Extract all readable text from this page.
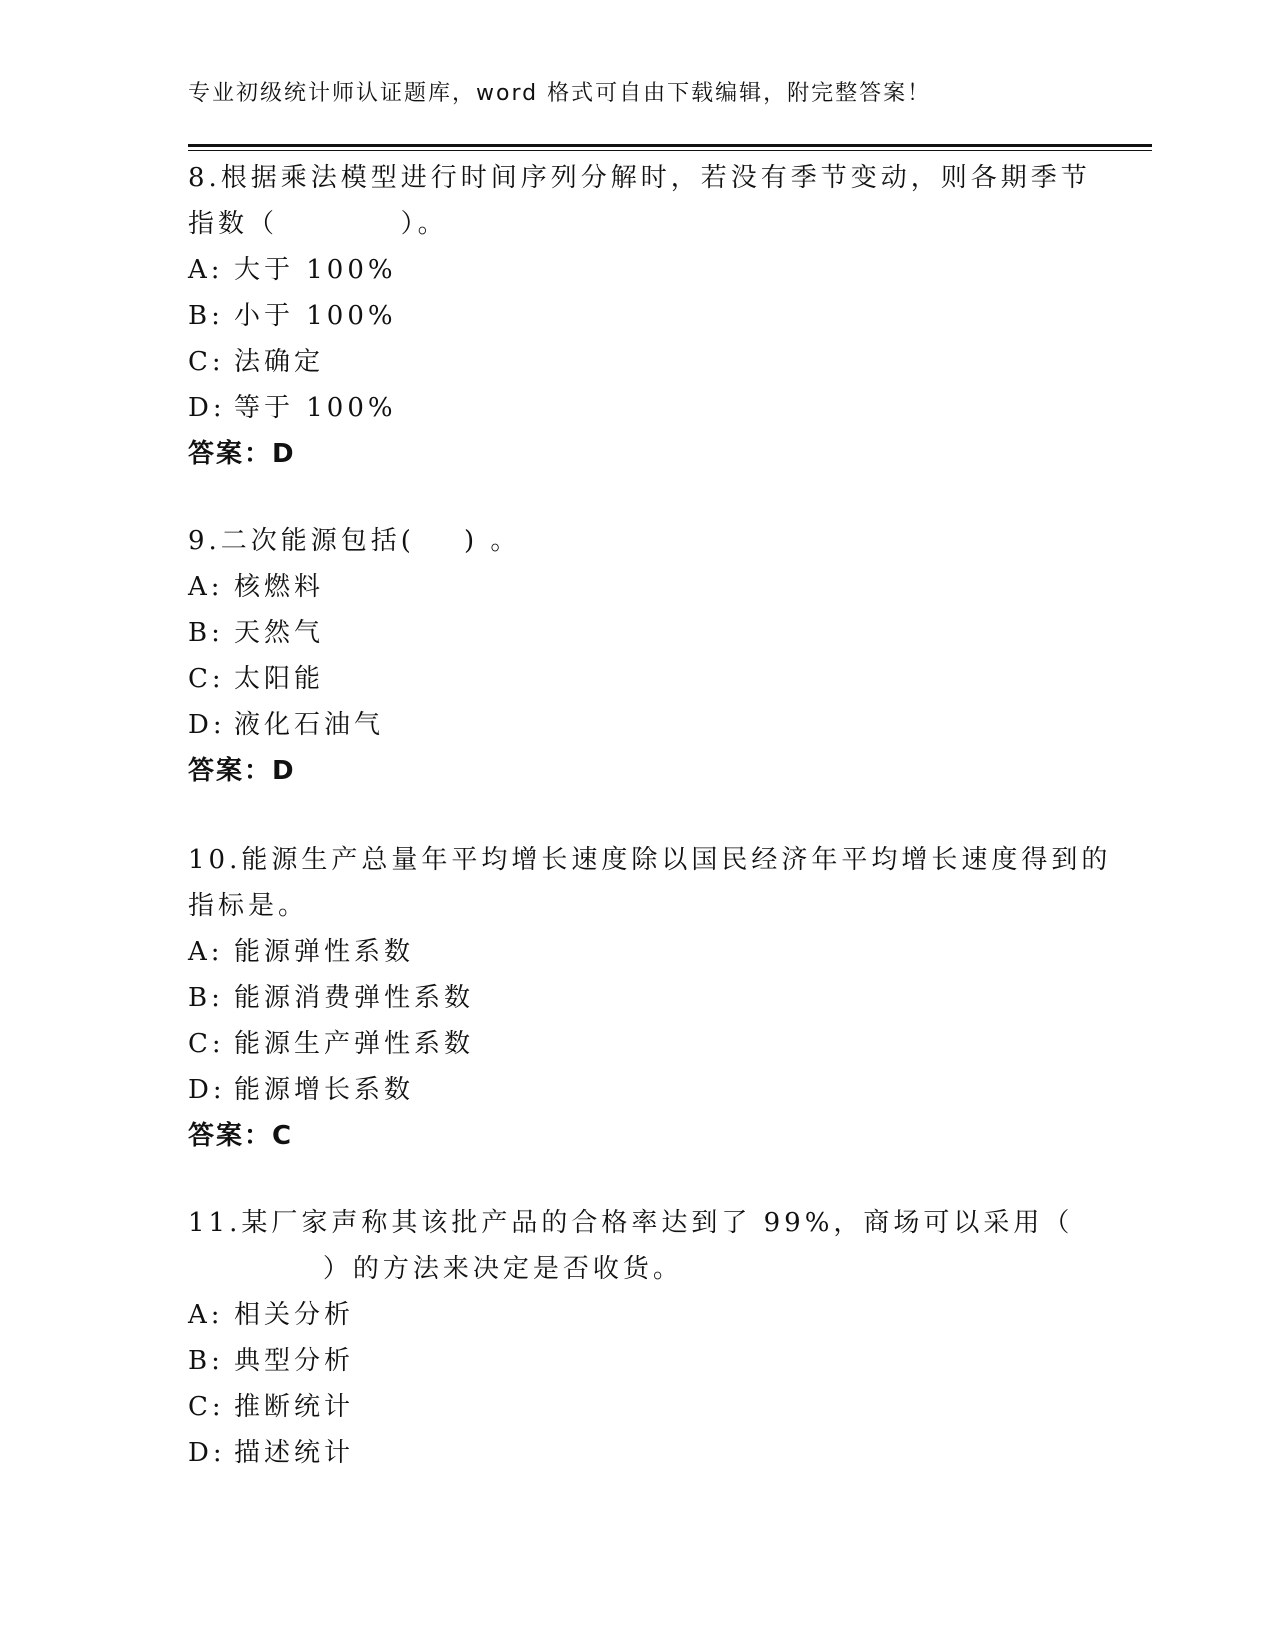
专业初级统计师认证题库，word 格式可自由下载编辑，附完整答案！
8.根据乘法模型进行时间序列分解时，若没有季节变动，则各期季节
指数（          ）。
A: 大于 100%
B: 小于 100%
C: 法确定
D: 等于 100%
答案：D
9.二次能源包括(    ) 。
A: 核燃料
B: 天然气
C: 太阳能
D: 液化石油气
答案：D
10.能源生产总量年平均增长速度除以国民经济年平均增长速度得到的
指标是。
A: 能源弹性系数
B: 能源消费弹性系数
C: 能源生产弹性系数
D: 能源增长系数
答案：C
11.某厂家声称其该批产品的合格率达到了 99%，商场可以采用（
）的方法来决定是否收货。
A: 相关分析
B: 典型分析
C: 推断统计
D: 描述统计
